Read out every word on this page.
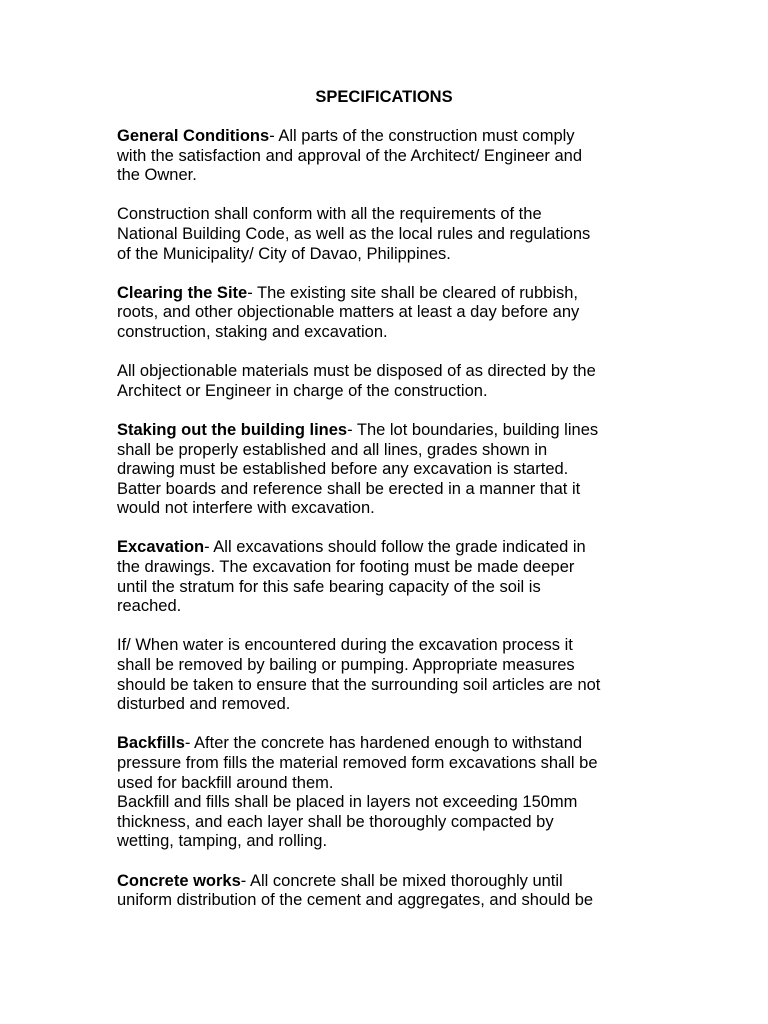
SPECIFICATIONS
General Conditions- All parts of the construction must comply
with the satisfaction and approval of the Architect/ Engineer and
the Owner.
Construction shall conform with all the requirements of the
National Building Code, as well as the local rules and regulations
of the Municipality/ City of Davao, Philippines.
Clearing the Site- The existing site shall be cleared of rubbish,
roots, and other objectionable matters at least a day before any
construction, staking and excavation.
All objectionable materials must be disposed of as directed by the
Architect or Engineer in charge of the construction.
Staking out the building lines- The lot boundaries, building lines
shall be properly established and all lines, grades shown in
drawing must be established before any excavation is started.
Batter boards and reference shall be erected in a manner that it
would not interfere with excavation.
Excavation- All excavations should follow the grade indicated in
the drawings. The excavation for footing must be made deeper
until the stratum for this safe bearing capacity of the soil is
reached.
If/ When water is encountered during the excavation process it
shall be removed by bailing or pumping. Appropriate measures
should be taken to ensure that the surrounding soil articles are not
disturbed and removed.
Backfills- After the concrete has hardened enough to withstand
pressure from fills the material removed form excavations shall be
used for backfill around them.
Backfill and fills shall be placed in layers not exceeding 150mm
thickness, and each layer shall be thoroughly compacted by
wetting, tamping, and rolling.
Concrete works- All concrete shall be mixed thoroughly until
uniform distribution of the cement and aggregates, and should be
